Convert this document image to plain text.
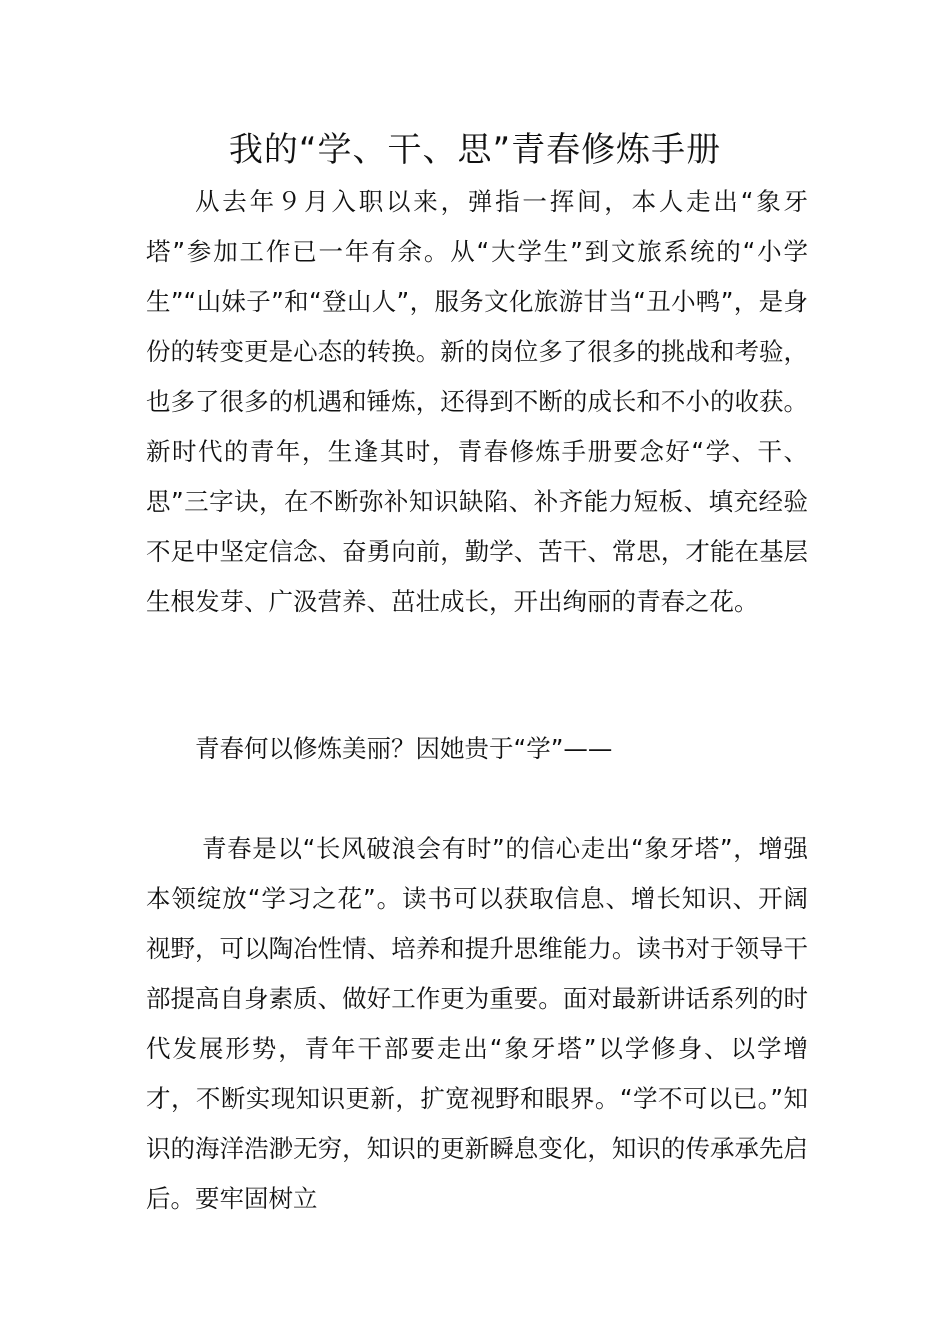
我的“学、干、思”青春修炼手册

从去年９月入职以来，弹指一挥间，本人走出“象牙塔”参加工作已一年有余。从“大学生”到文旅系统的“小学生”“山妹子”和“登山人”，服务文化旅游甘当“丑小鸭”，是身份的转变更是心态的转换。新的岗位多了很多的挑战和考验，也多了很多的机遇和锤炼，还得到不断的成长和不小的收获。新时代的青年，生逢其时，青春修炼手册要念好“学、干、思”三字诀，在不断弥补知识缺陷、补齐能力短板、填充经验不足中坚定信念、奋勇向前，勤学、苦干、常思，才能在基层生根发芽、广汲营养、茁壮成长，开出绚丽的青春之花。

青春何以修炼美丽？因她贵于“学”——

青春是以“长风破浪会有时”的信心走出“象牙塔”，增强本领绽放“学习之花”。读书可以获取信息、增长知识、开阔视野，可以陶冶性情、培养和提升思维能力。读书对于领导干部提高自身素质、做好工作更为重要。面对最新讲话系列的时代发展形势，青年干部要走出“象牙塔”以学修身、以学增才，不断实现知识更新，扩宽视野和眼界。“学不可以已。”知识的海洋浩渺无穷，知识的更新瞬息变化，知识的传承承先启后。要牢固树立
